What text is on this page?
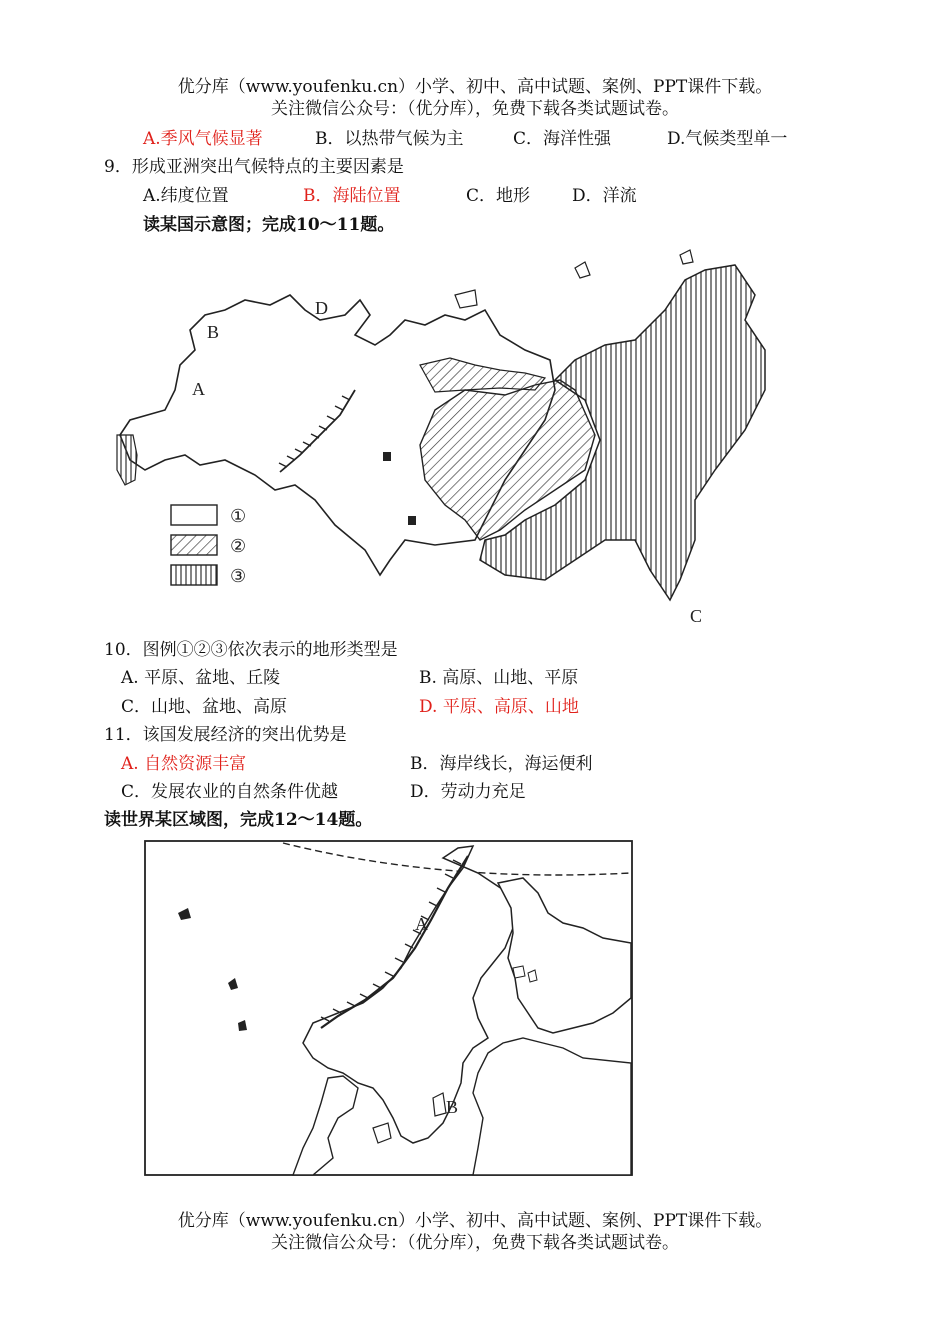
优分库（www.youfenku.cn）小学、初中、高中试题、案例、PPT课件下载。
关注微信公众号：（优分库），免费下载各类试题试卷。
A.季风气候显著	B．以热带气候为主	C．海洋性强	D.气候类型单一
9．形成亚洲突出气候特点的主要因素是
A.纬度位置	B．海陆位置	C．地形 D．洋流
读某国示意图；完成10～11题。
B
A
D
C
①
②
③
10．图例①②③依次表示的地形类型是
A. 平原、盆地、丘陵	B. 高原、山地、平原
C．山地、盆地、高原	D. 平原、高原、山地
11．该国发展经济的突出优势是
A. 自然资源丰富	B．海岸线长，海运便利
C．发展农业的自然条件优越	D．劳动力充足
读世界某区域图，完成12～14题。
A
B
优分库（www.youfenku.cn）小学、初中、高中试题、案例、PPT课件下载。
关注微信公众号：（优分库），免费下载各类试题试卷。
